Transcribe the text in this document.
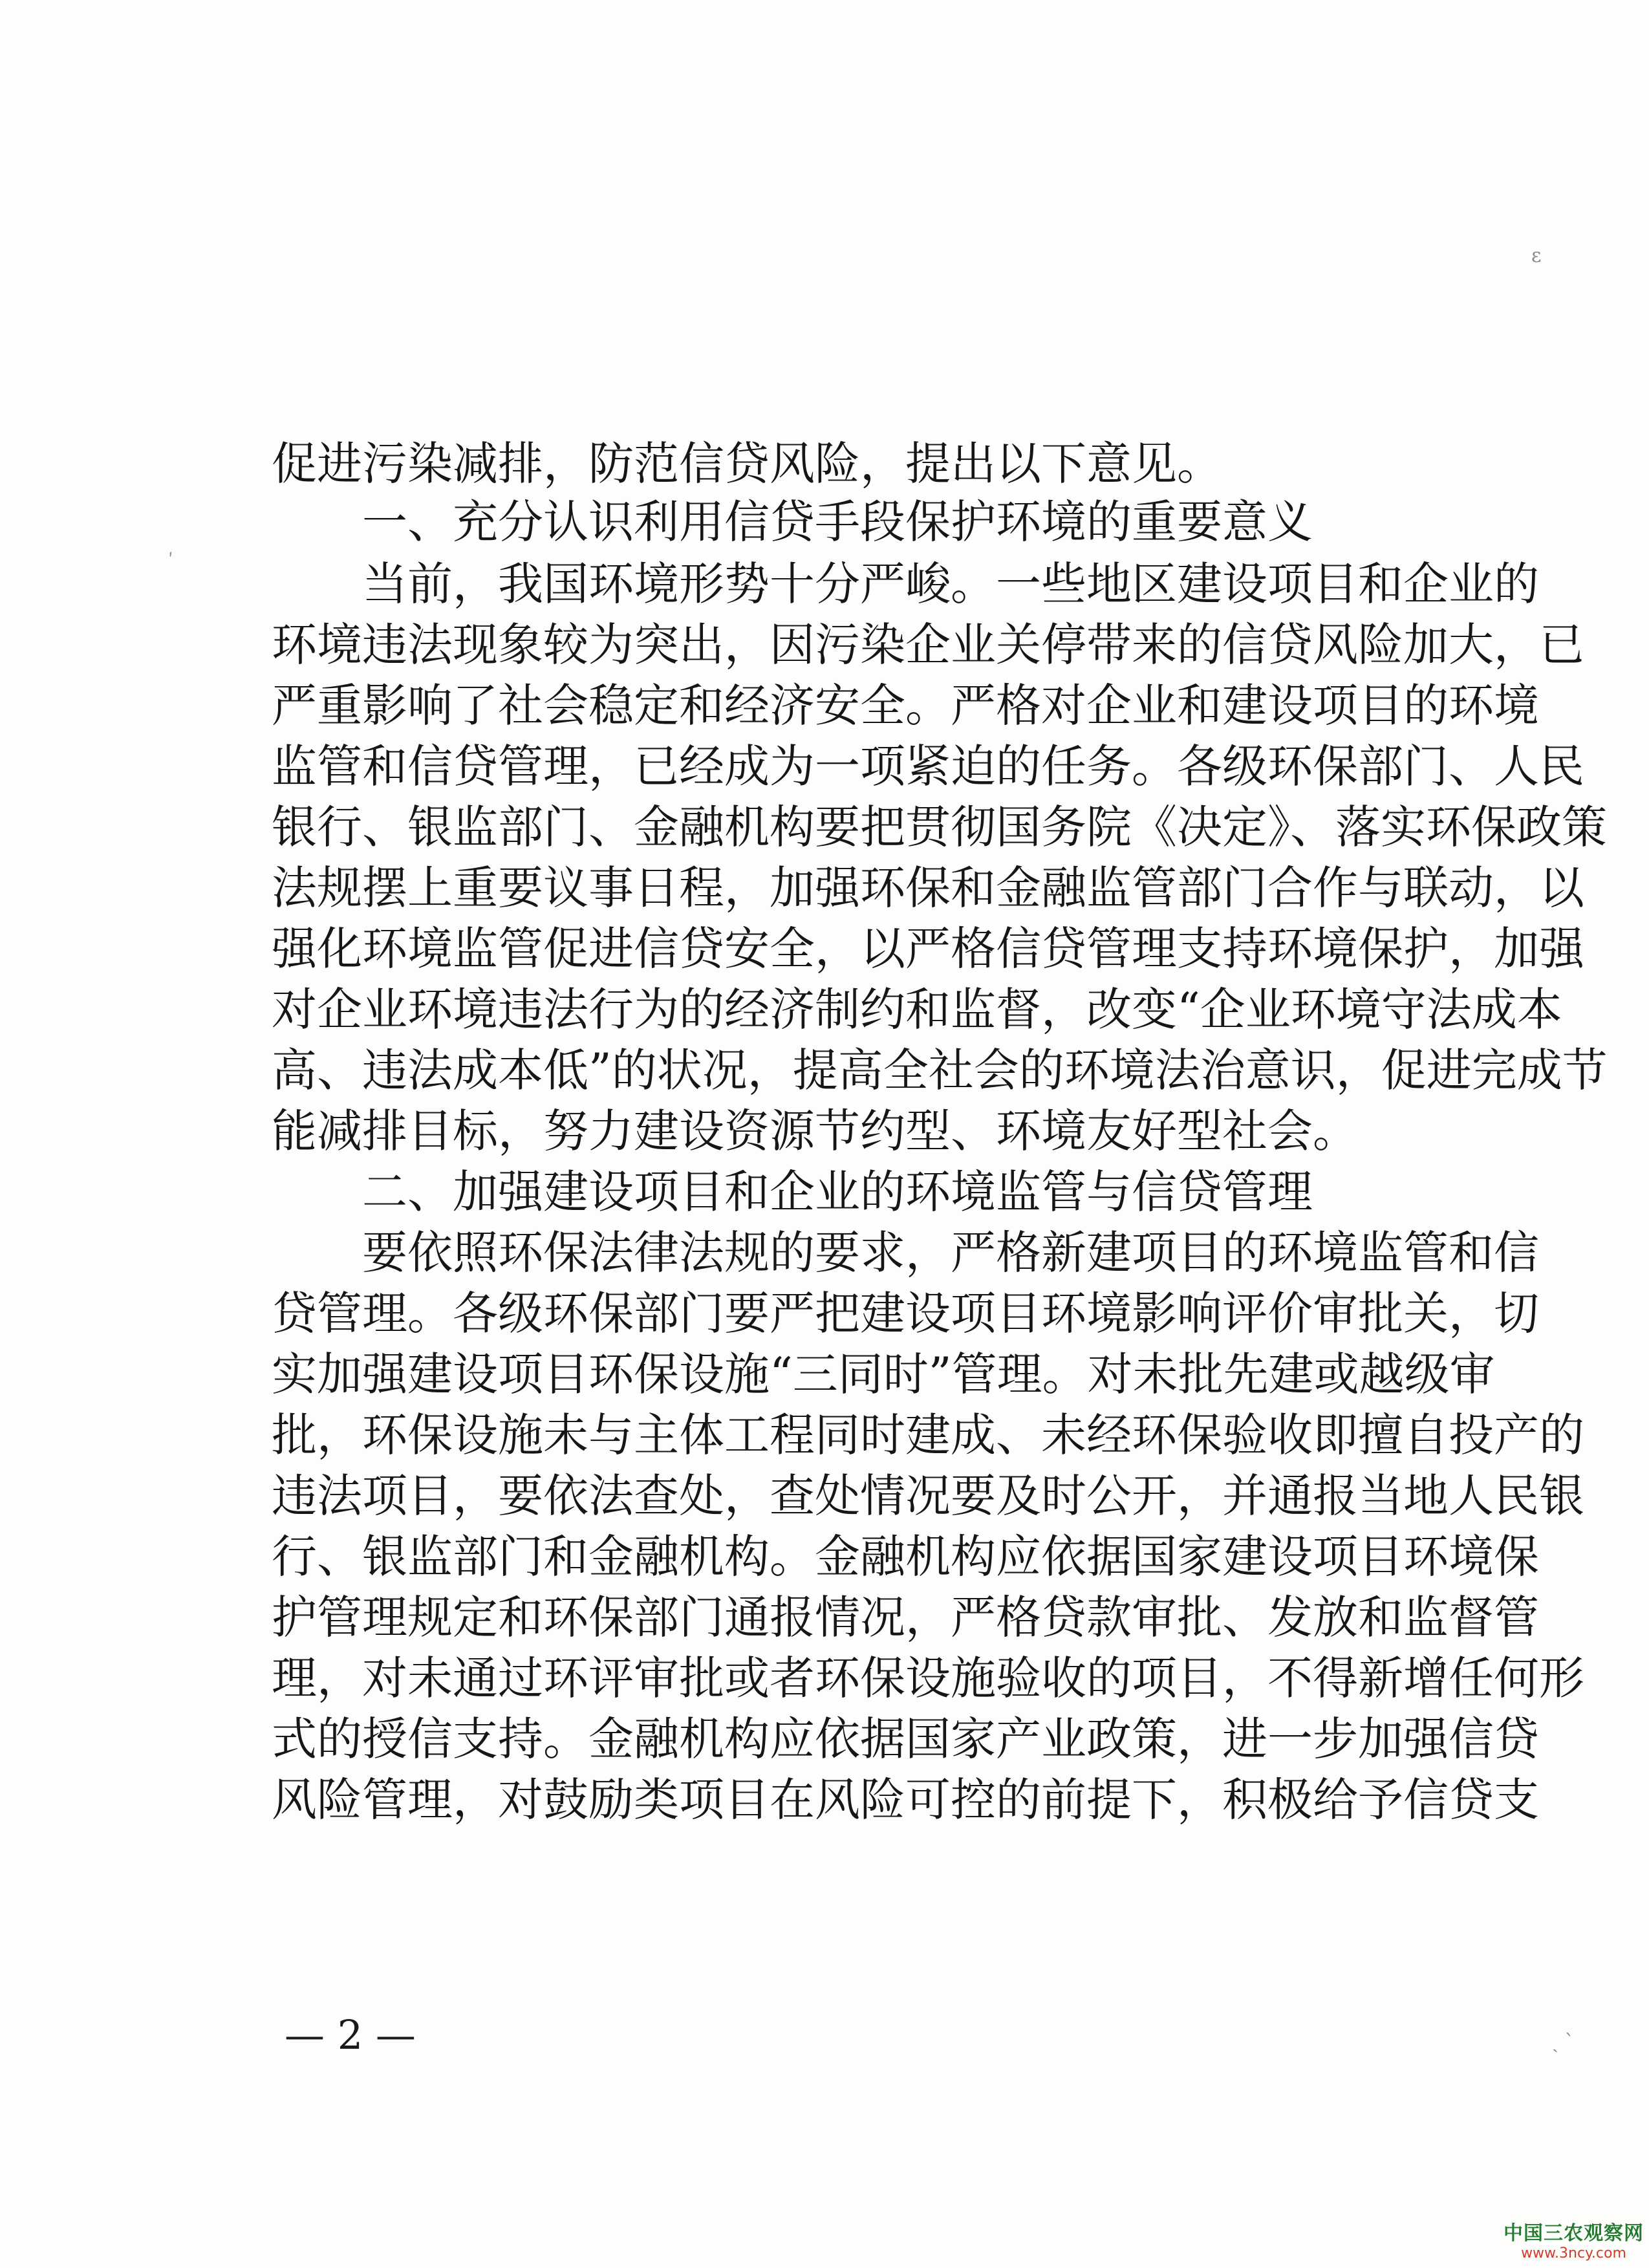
ɛ
ˊ
ˎ ˋ
促进污染减排，防范信贷风险，提出以下意见。
一、充分认识利用信贷手段保护环境的重要意义
当前，我国环境形势十分严峻。一些地区建设项目和企业的
环境违法现象较为突出，因污染企业关停带来的信贷风险加大，已
严重影响了社会稳定和经济安全。严格对企业和建设项目的环境
监管和信贷管理，已经成为一项紧迫的任务。各级环保部门、人民
银行、银监部门、金融机构要把贯彻国务院《决定》、落实环保政策
法规摆上重要议事日程，加强环保和金融监管部门合作与联动，以
强化环境监管促进信贷安全，以严格信贷管理支持环境保护，加强
对企业环境违法行为的经济制约和监督，改变“企业环境守法成本
高、违法成本低”的状况，提高全社会的环境法治意识，促进完成节
能减排目标，努力建设资源节约型、环境友好型社会。
二、加强建设项目和企业的环境监管与信贷管理
要依照环保法律法规的要求，严格新建项目的环境监管和信
贷管理。各级环保部门要严把建设项目环境影响评价审批关，切
实加强建设项目环保设施“三同时”管理。对未批先建或越级审
批，环保设施未与主体工程同时建成、未经环保验收即擅自投产的
违法项目，要依法查处，查处情况要及时公开，并通报当地人民银
行、银监部门和金融机构。金融机构应依据国家建设项目环境保
护管理规定和环保部门通报情况，严格贷款审批、发放和监督管
理，对未通过环评审批或者环保设施验收的项目，不得新增任何形
式的授信支持。金融机构应依据国家产业政策，进一步加强信贷
风险管理，对鼓励类项目在风险可控的前提下，积极给予信贷支
— 2 —
中国三农观察网
www.3ncy.com
